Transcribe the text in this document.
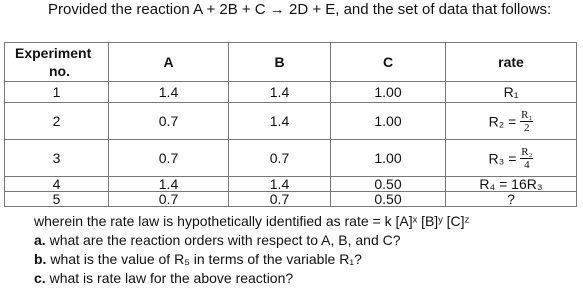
Provided the reaction A + 2B + C → 2D + E, and the set of data that follows:
Experiment
no.	A	B	C	rate
1	1.4	1.4	1.00	R₁
2	0.7	1.4	1.00	$R_2 = \frac{\text{R₁}}{2}$

3	0.7	0.7	1.00	$R_3 = \frac{\text{R₂}}{4}$

4	1.4	1.4	0.50	R₄ = 16R₃
5	0.7	0.7	0.50	?
wherein the rate law is hypothetically identified as rate = k [A]ˣ [B]ʸ [C]ᶻ
a. what are the reaction orders with respect to A, B, and C?
b. what is the value of R₅ in terms of the variable R₁?
c. what is rate law for the above reaction?
